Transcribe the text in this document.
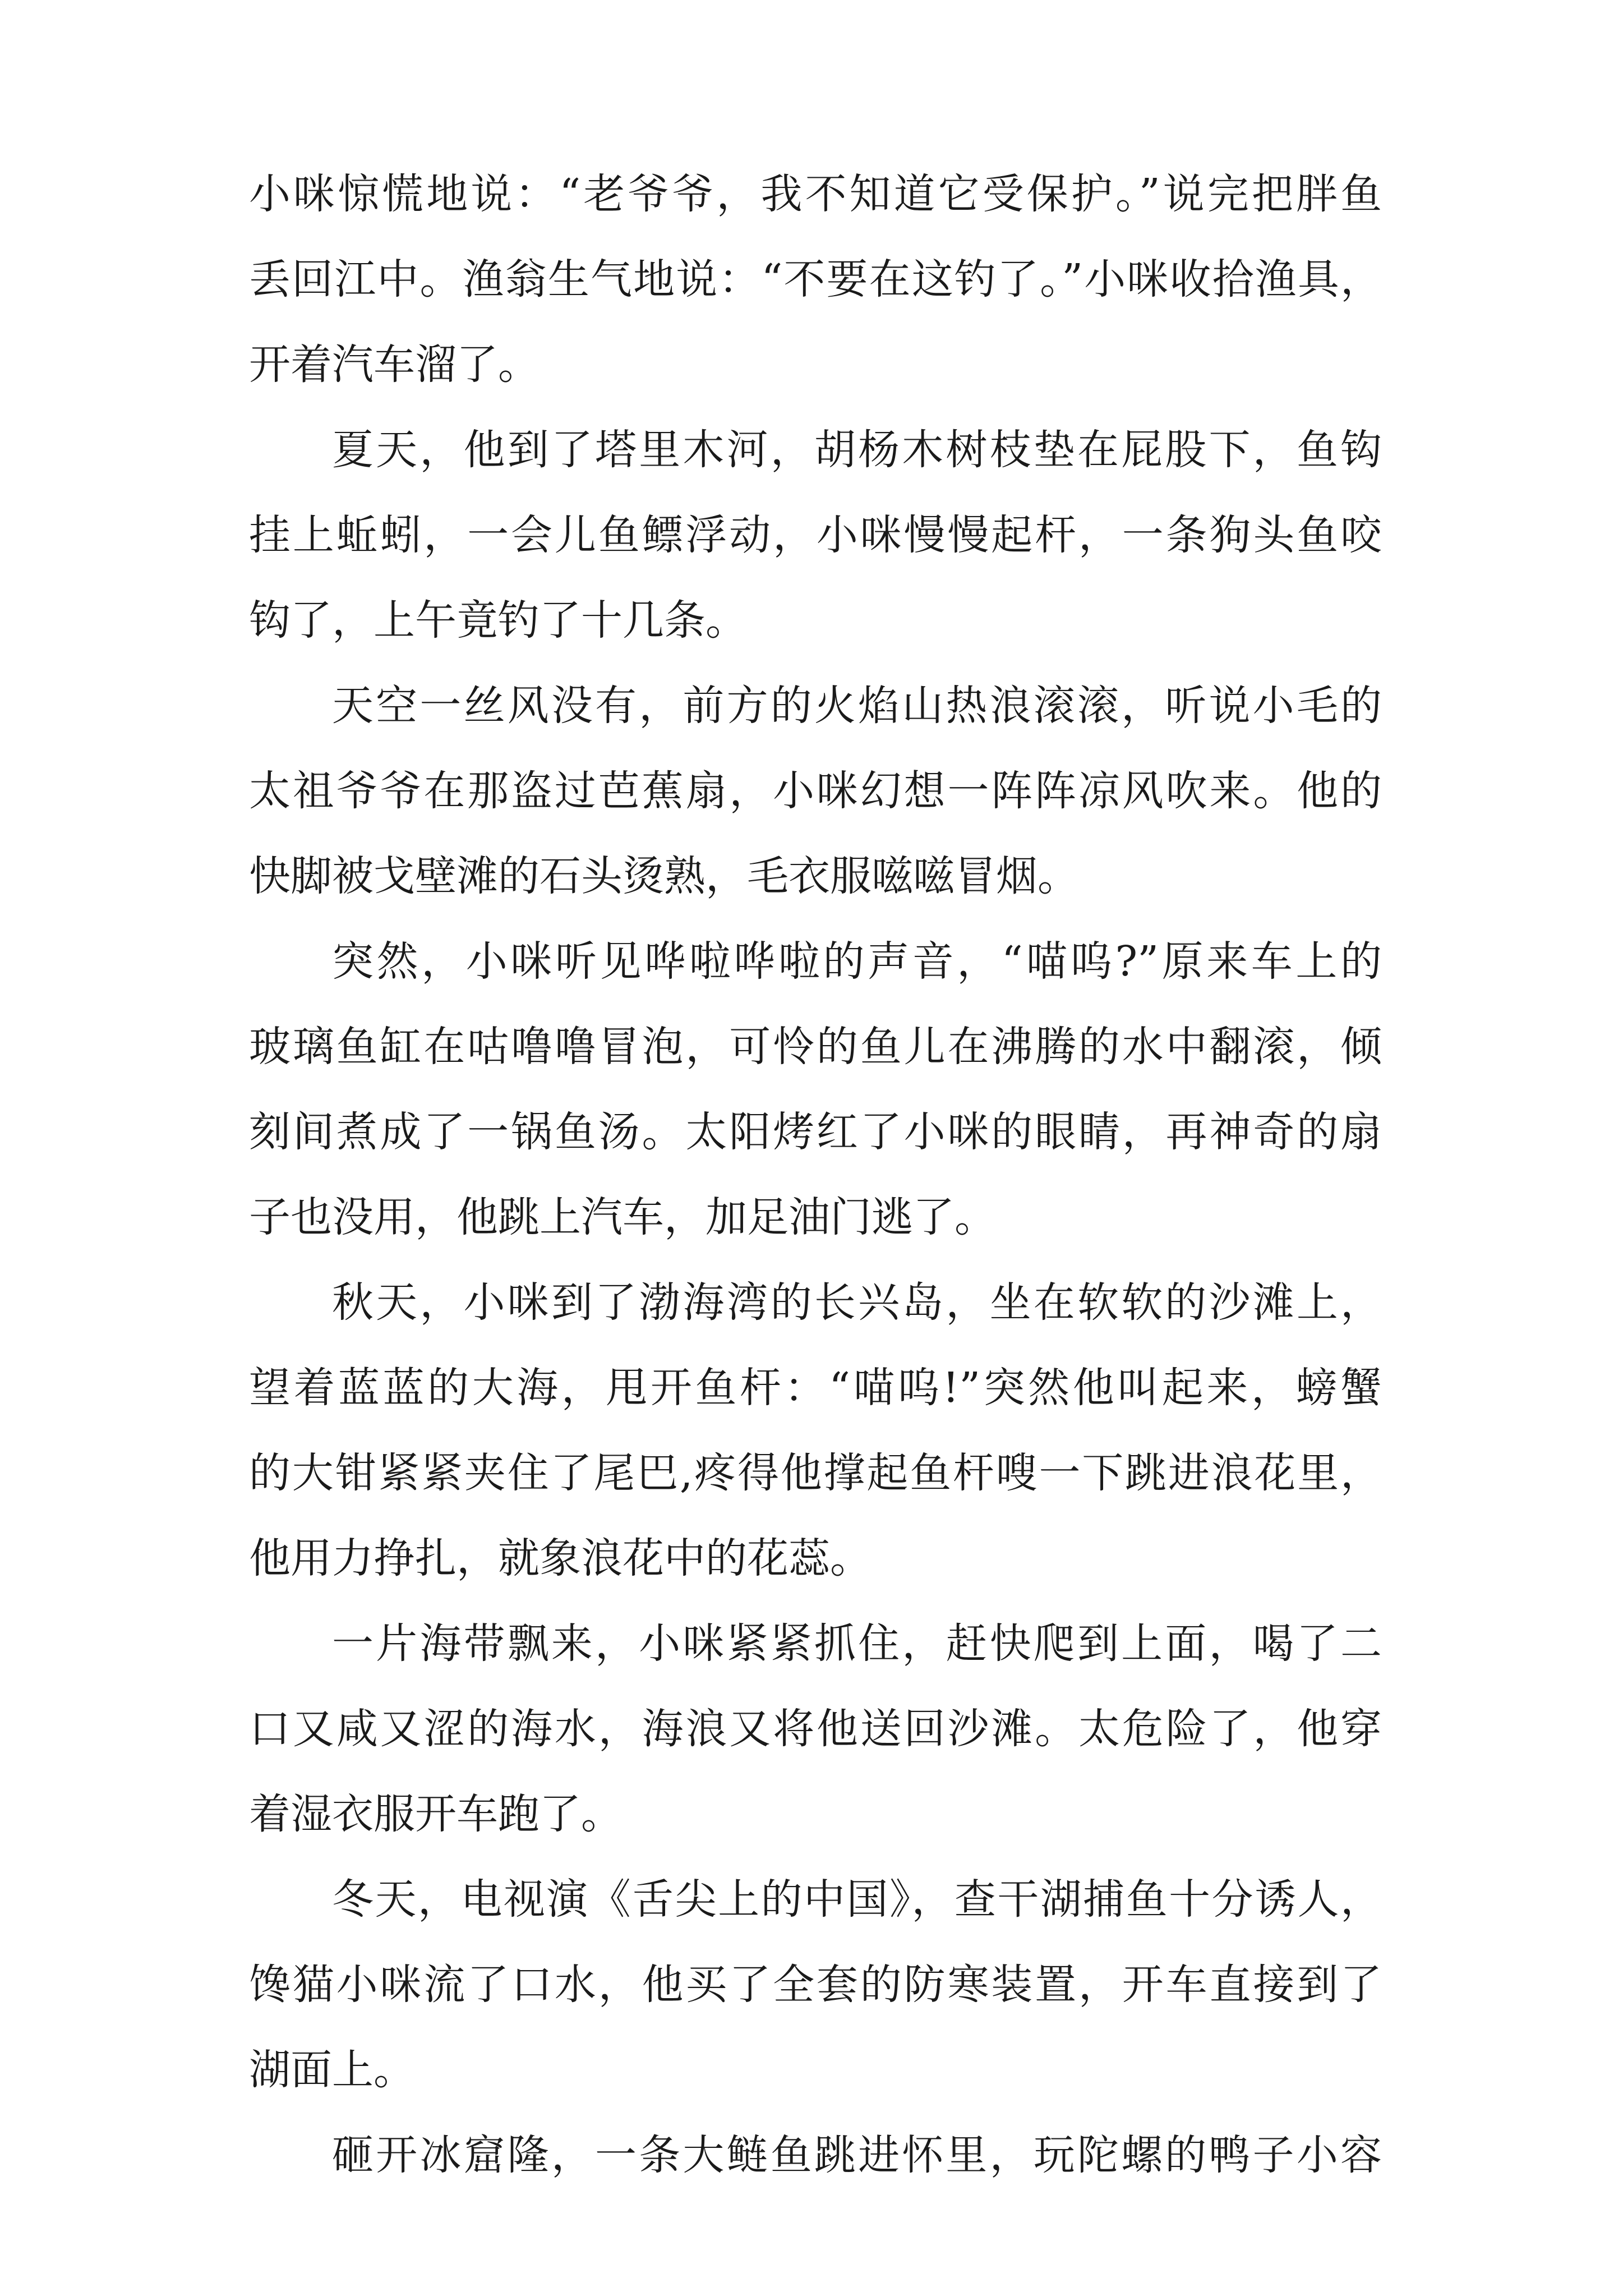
小咪惊慌地说：“老爷爷，我不知道它受保护。”说完把胖鱼
丢回江中。渔翁生气地说：“不要在这钓了。”小咪收拾渔具，
开着汽车溜了。
夏天，他到了塔里木河，胡杨木树枝垫在屁股下，鱼钩
挂上蚯蚓，一会儿鱼鳔浮动，小咪慢慢起杆，一条狗头鱼咬
钩了，上午竟钓了十几条。
天空一丝风没有，前方的火焰山热浪滚滚，听说小毛的
太祖爷爷在那盗过芭蕉扇，小咪幻想一阵阵凉风吹来。他的
快脚被戈壁滩的石头烫熟，毛衣服嗞嗞冒烟。
突然，小咪听见哗啦哗啦的声音，“喵呜?”原来车上的
玻璃鱼缸在咕噜噜冒泡，可怜的鱼儿在沸腾的水中翻滚，倾
刻间煮成了一锅鱼汤。太阳烤红了小咪的眼睛，再神奇的扇
子也没用，他跳上汽车，加足油门逃了。
秋天，小咪到了渤海湾的长兴岛，坐在软软的沙滩上，
望着蓝蓝的大海，甩开鱼杆：“喵呜!”突然他叫起来，螃蟹
的大钳紧紧夹住了尾巴,疼得他撑起鱼杆嗖一下跳进浪花里，
他用力挣扎，就象浪花中的花蕊。
一片海带飘来，小咪紧紧抓住，赶快爬到上面，喝了二
口又咸又涩的海水，海浪又将他送回沙滩。太危险了，他穿
着湿衣服开车跑了。
冬天，电视演《舌尖上的中国》，查干湖捕鱼十分诱人，
馋猫小咪流了口水，他买了全套的防寒装置，开车直接到了
湖面上。
砸开冰窟隆，一条大鲢鱼跳进怀里，玩陀螺的鸭子小容
